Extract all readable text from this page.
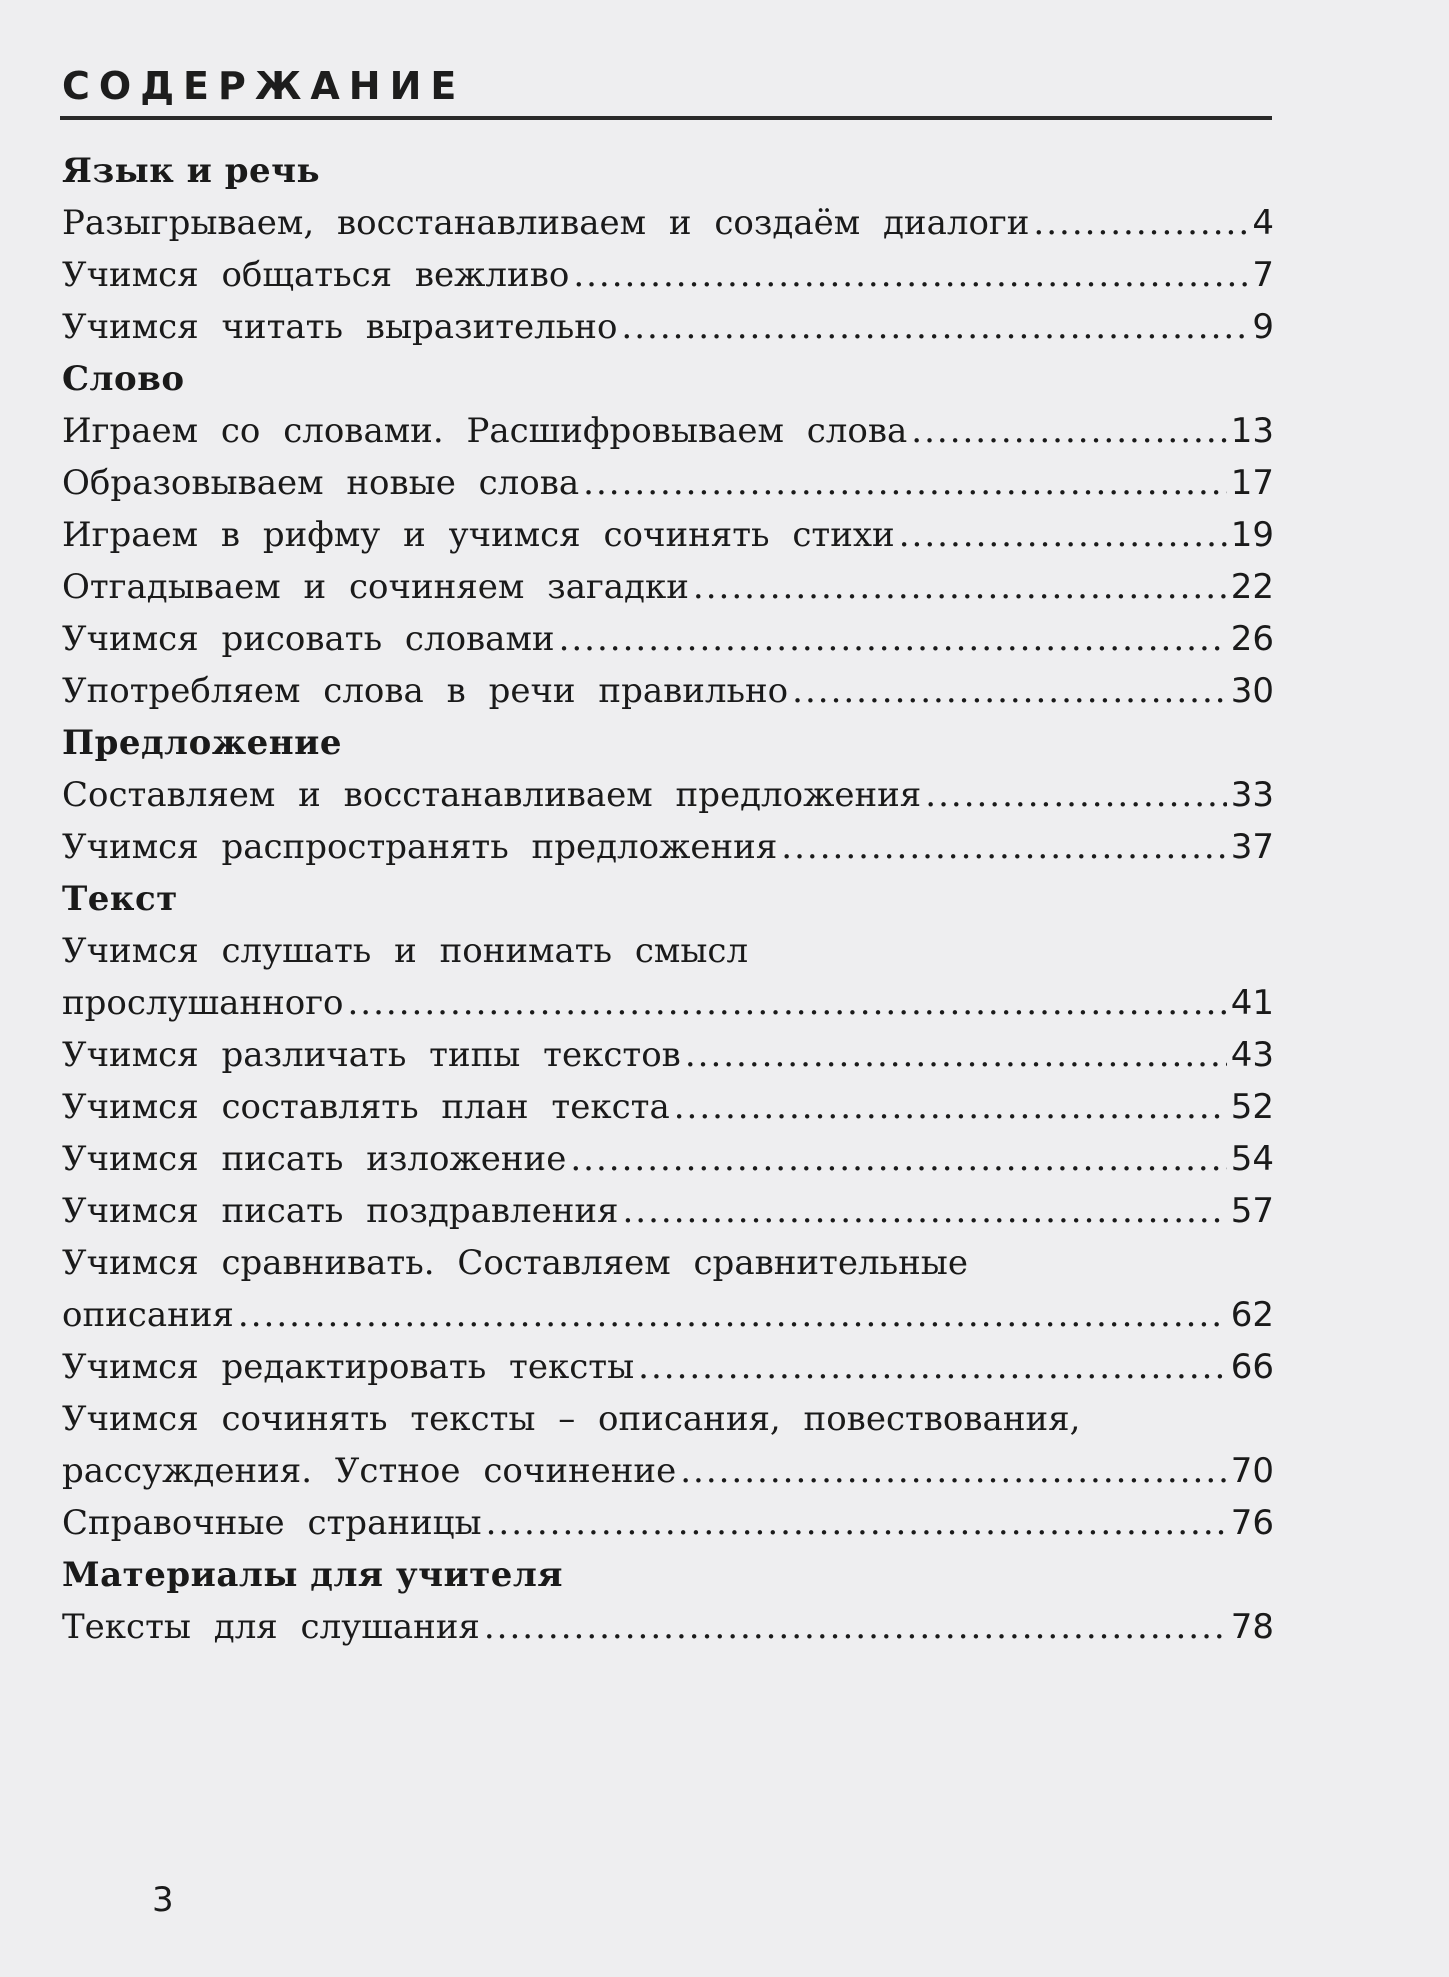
СОДЕРЖАНИЕ
Язык и речь
Разыгрываем, восстанавливаем и создаём диалоги .....	4
Учимся общаться вежливо .....	7
Учимся читать выразительно .....	9
Слово
Играем со словами. Расшифровываем слова .....	13
Образовываем новые слова .....	17
Играем в рифму и учимся сочинять стихи .....	19
Отгадываем и сочиняем загадки .....	22
Учимся рисовать словами .....	26
Употребляем слова в речи правильно .....	30
Предложение
Составляем и восстанавливаем предложения .....	33
Учимся распространять предложения .....	37
Текст
Учимся слушать и понимать смысл
прослушанного .....	41
Учимся различать типы текстов .....	43
Учимся составлять план текста .....	52
Учимся писать изложение .....	54
Учимся писать поздравления .....	57
Учимся сравнивать. Составляем сравнительные
описания .....	62
Учимся редактировать тексты .....	66
Учимся сочинять тексты – описания, повествования,
рассуждения. Устное сочинение .....	70
Справочные страницы .....	76
Материалы для учителя
Тексты для слушания .....	78
3
